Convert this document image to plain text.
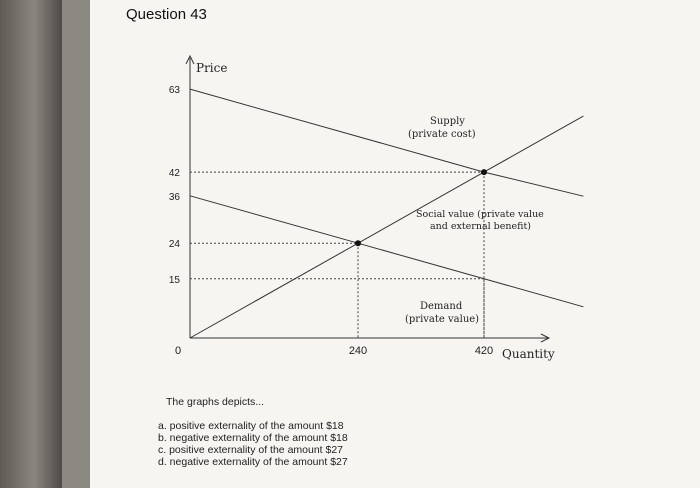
Question 43
Price
Quantity
63
42
36
24
15
0	240	420
Supply (private cost)
Social value (private value and external benefit)
Demand (private value)
The graphs depicts...
a. positive externality of the amount $18
b. negative externality of the amount $18
c. positive externality of the amount $27
d. negative externality of the amount $27
